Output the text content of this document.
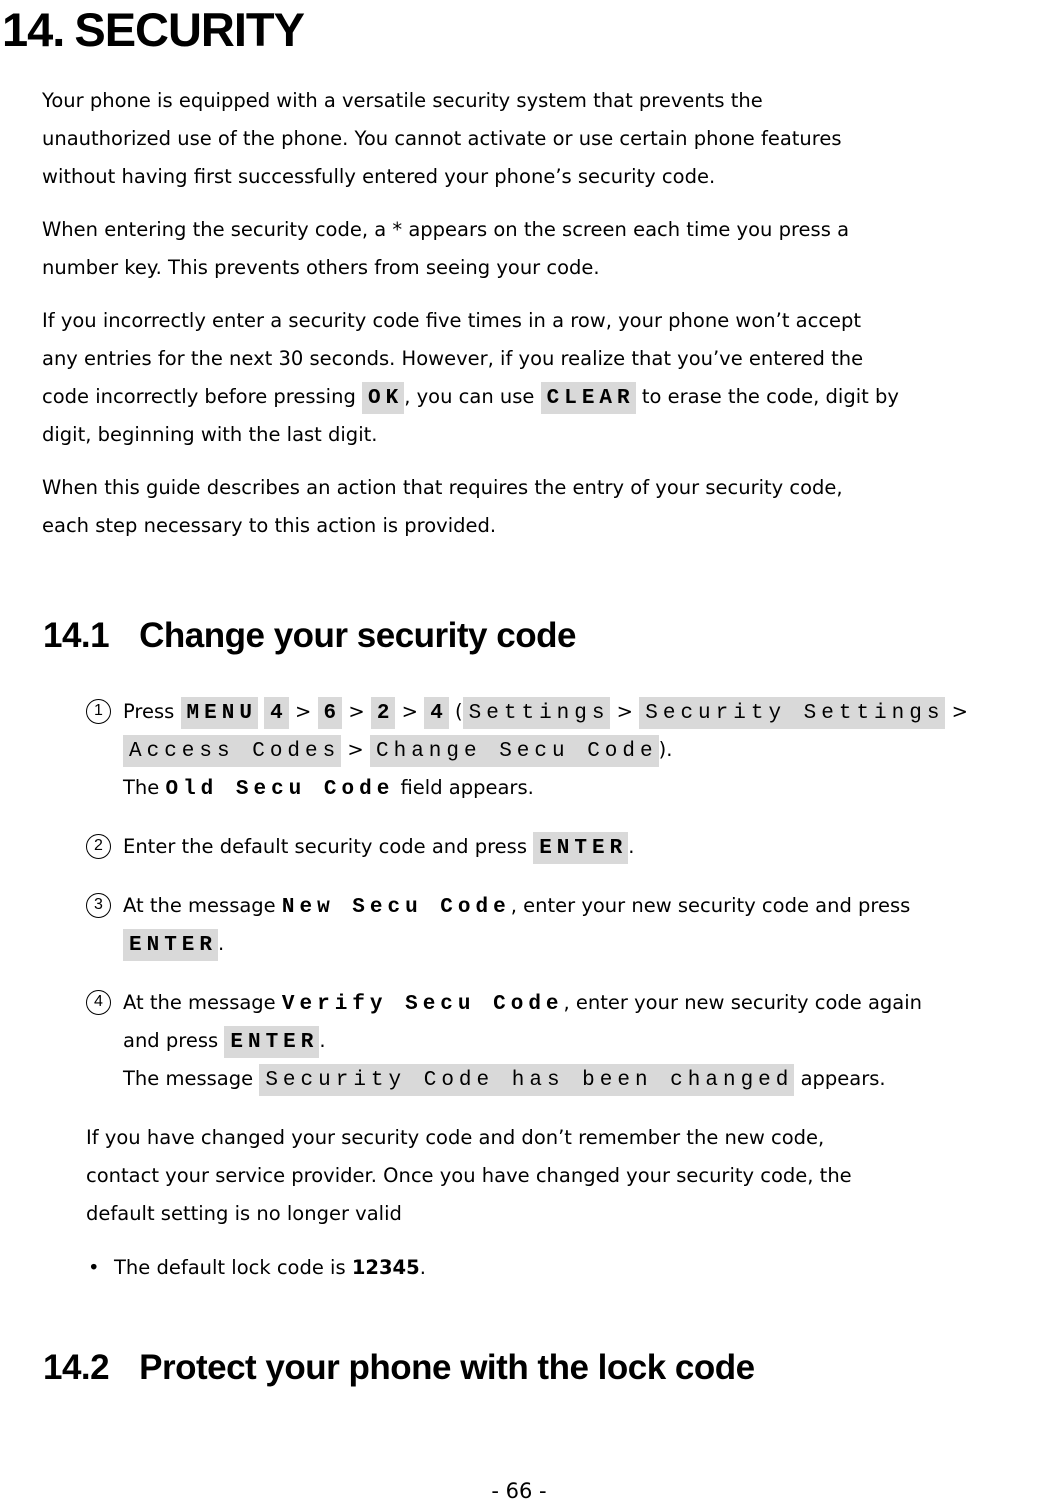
14. SECURITY
Your phone is equipped with a versatile security system that prevents the
unauthorized use of the phone. You cannot activate or use certain phone features
without having first successfully entered your phone’s security code.
When entering the security code, a * appears on the screen each time you press a
number key. This prevents others from seeing your code.
If you incorrectly enter a security code five times in a row, your phone won’t accept
any entries for the next 30 seconds. However, if you realize that you’ve entered the
code incorrectly before pressing OK, you can use CLEAR to erase the code, digit by
digit, beginning with the last digit.
When this guide describes an action that requires the entry of your security code,
each step necessary to this action is provided.
14.1 Change your security code
1	Press MENU 4 > 6 > 2 > 4 ( Settings > Security Settings >
Access Codes > Change Secu Code).
The Old Secu Code field appears.
2	Enter the default security code and press ENTER.
3	At the message New Secu Code, enter your new security code and press
ENTER.
4	At the message Verify Secu Code, enter your new security code again
and press ENTER.
The message Security Code has been changed appears.
If you have changed your security code and don’t remember the new code,
contact your service provider. Once you have changed your security code, the
default setting is no longer valid
• The default lock code is 12345.
14.2 Protect your phone with the lock code
- 66 -
